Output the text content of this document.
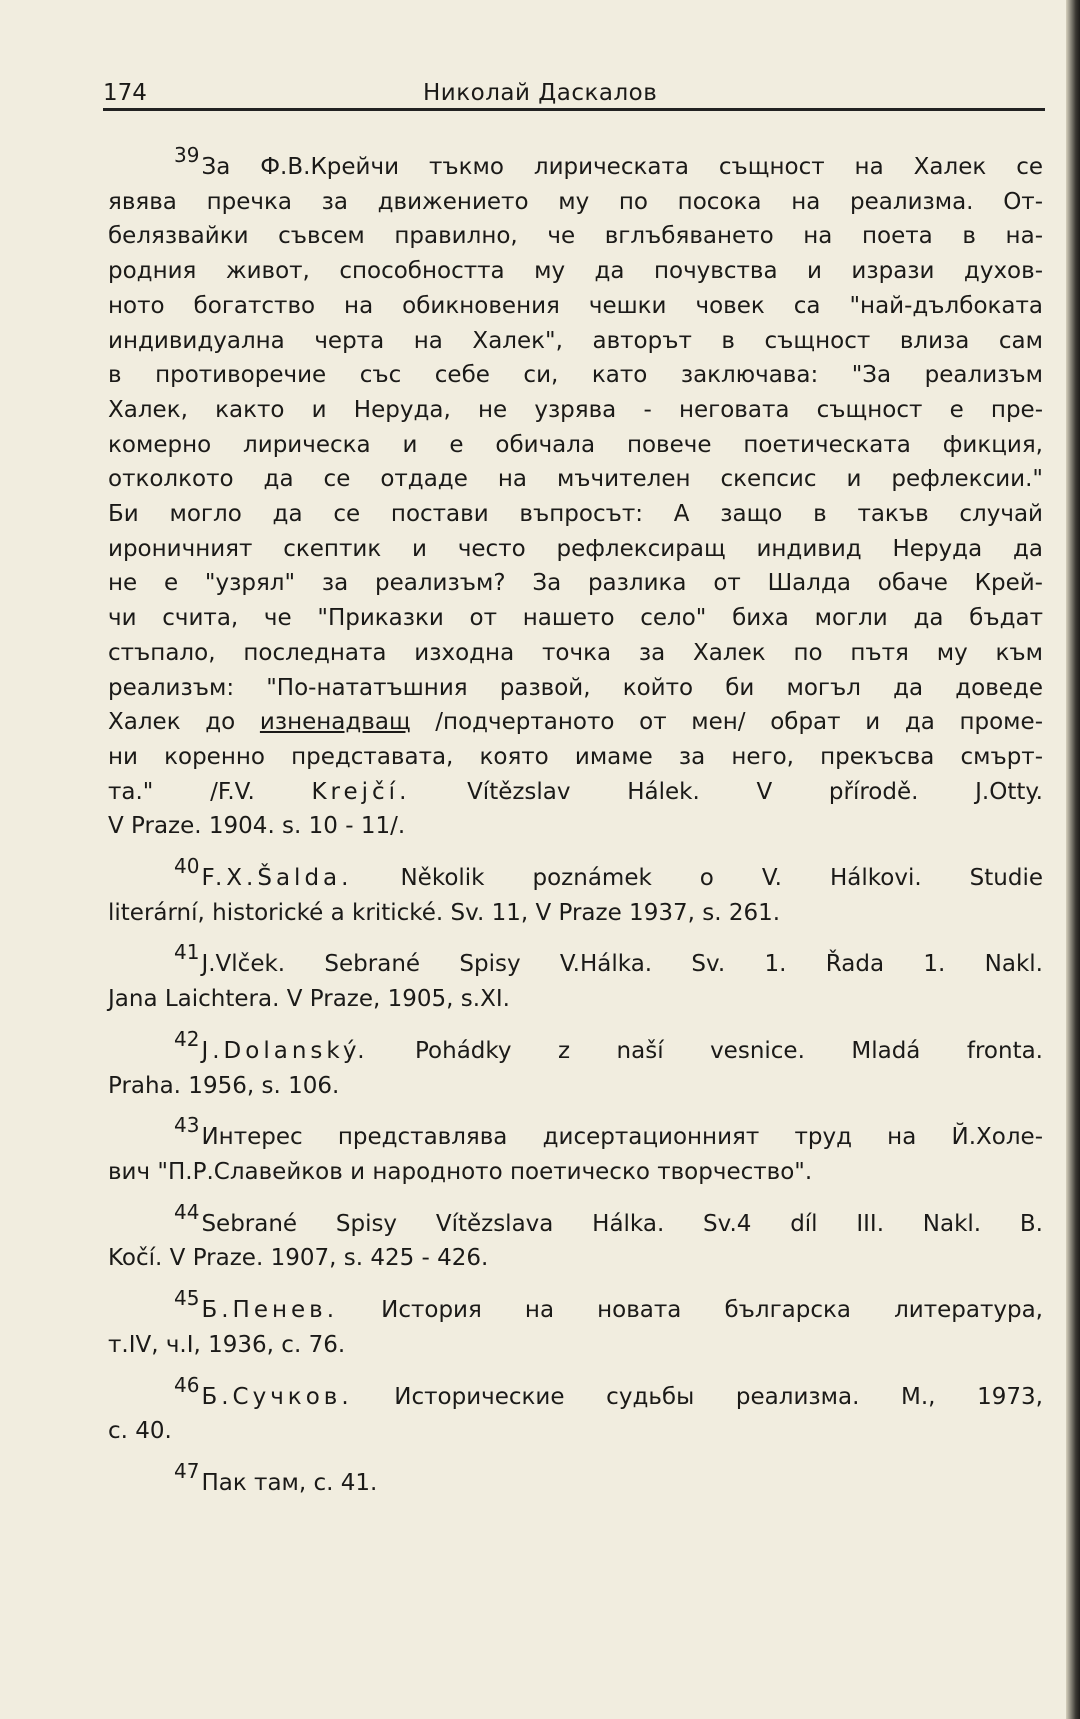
174	Николай Даскалов

39За Ф.В.Крейчи тъкмо лирическата същност на Халек се

явява пречка за движението му по посока на реализма. От-

белязвайки съвсем правилно, че вглъбяването на поета в на-

родния живот, способността му да почувства и изрази духов-

ното богатство на обикновения чешки човек са "най-дълбоката

индивидуална черта на Халек", авторът в същност влиза сам

в противоречие със себе си, като заключава: "За реализъм

Халек, както и Неруда, не узрява - неговата същност е пре-

комерно лирическа и е обичала повече поетическата фикция,

отколкото да се отдаде на мъчителен скепсис и рефлексии."

Би могло да се постави въпросът: А защо в такъв случай

ироничният скептик и често рефлексиращ индивид Неруда да

не е "узрял" за реализъм? За разлика от Шалда обаче Крей-

чи счита, че "Приказки от нашето село" биха могли да бъдат

стъпало, последната изходна точка за Халек по пътя му към

реализъм: "По-нататъшния развой, който би могъл да доведе

Халек до изненадващ /подчертаното от мен/ обрат и да проме-

ни коренно представата, която имаме за него, прекъсва смърт-

та." /F.V. Krejčí. Vítězslav Hálek. V přírodě. J.Otty.

V Praze. 1904. s. 10 - 11/.

40F.X.Šalda. Několik poznámek o V. Hálkovi. Studie

literární, historické a kritické. Sv. 11, V Praze 1937, s. 261.

41J.Vlček. Sebrané Spisy V.Hálka. Sv. 1. Řada 1. Nakl.

Jana Laichtera. V Praze, 1905, s.XI.

42J.Dolanský. Pohádky z naší vesnice. Mladá fronta.

Praha. 1956, s. 106.

43Интерес представлява дисертационният труд на Й.Холе-

вич "П.Р.Славейков и народното поетическо творчество".

44Sebrané Spisy Vítězslava Hálka. Sv.4 díl III. Nakl. B.

Kočí. V Praze. 1907, s. 425 - 426.

45Б.Пенев. История на новата българска литература,

т.IV, ч.I, 1936, с. 76.

46Б.Сучков. Исторические судьбы реализма. М., 1973,

с. 40.

47Пак там, с. 41.
